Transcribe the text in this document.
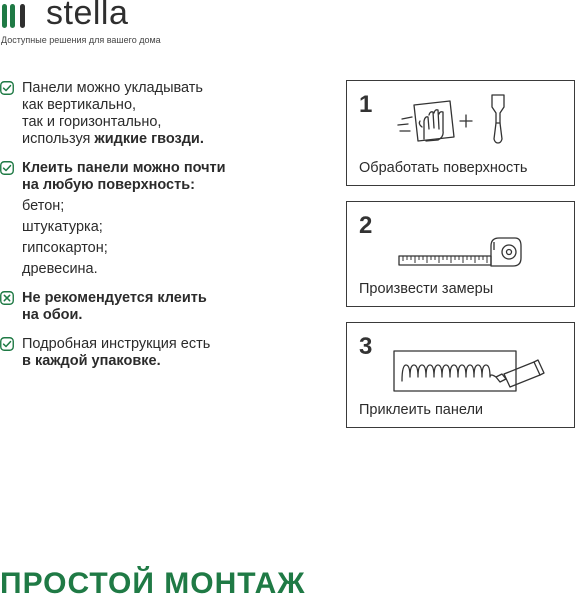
stella
Доступные решения для вашего дома
Панели можно укладывать
как вертикально,
так и горизонтально,
используя жидкие гвозди.
Клеить панели можно почти
на любую поверхность:
бетон;
штукатурка;
гипсокартон;
древесина.
Не рекомендуется клеить
на обои.
Подробная инструкция есть
в каждой упаковке.
1
Обработать поверхность
2
Произвести замеры
3
Приклеить панели
ПРОСТОЙ МОНТАЖ
